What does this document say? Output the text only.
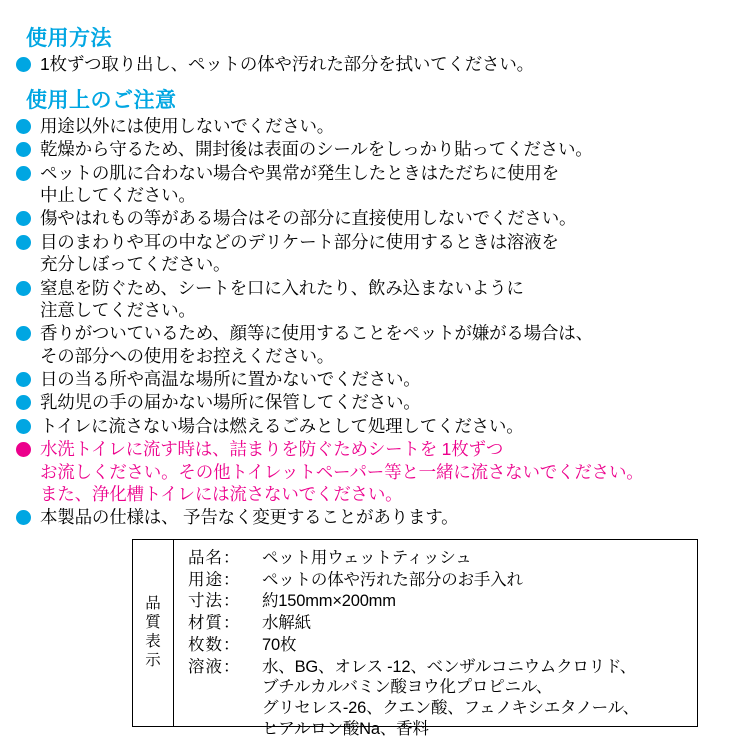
使用方法
1枚ずつ取り出し、ペットの体や汚れた部分を拭いてください。
使用上のご注意
用途以外には使用しないでください。
乾燥から守るため、開封後は表面のシールをしっかり貼ってください。
ペットの肌に合わない場合や異常が発生したときはただちに使用を
中止してください。
傷やはれもの等がある場合はその部分に直接使用しないでください。
目のまわりや耳の中などのデリケート部分に使用するときは溶液を
充分しぼってください。
窒息を防ぐため、シートを口に入れたり、飲み込まないように
注意してください。
香りがついているため、顔等に使用することをペットが嫌がる場合は、
その部分への使用をお控えください。
日の当る所や高温な場所に置かないでください。
乳幼児の手の届かない場所に保管してください。
トイレに流さない場合は燃えるごみとして処理してください。
水洗トイレに流す時は、詰まりを防ぐためシートを 1枚ずつ
お流しください。その他トイレットペーパー等と一緒に流さないでください。
また、浄化槽トイレには流さないでください。
本製品の仕様は、 予告なく変更することがあります。
品
質
表
示
品名：	ペット用ウェットティッシュ
用途：	ペットの体や汚れた部分のお手入れ
寸法：	約150mm×200mm
材質：	水解紙
枚数：	70枚
溶液：	水、BG、オレス -12、ベンザルコニウムクロリド、
ブチルカルバミン酸ヨウ化プロピニル、
グリセレス-26、クエン酸、フェノキシエタノール、
ヒアルロン酸Na、香料
